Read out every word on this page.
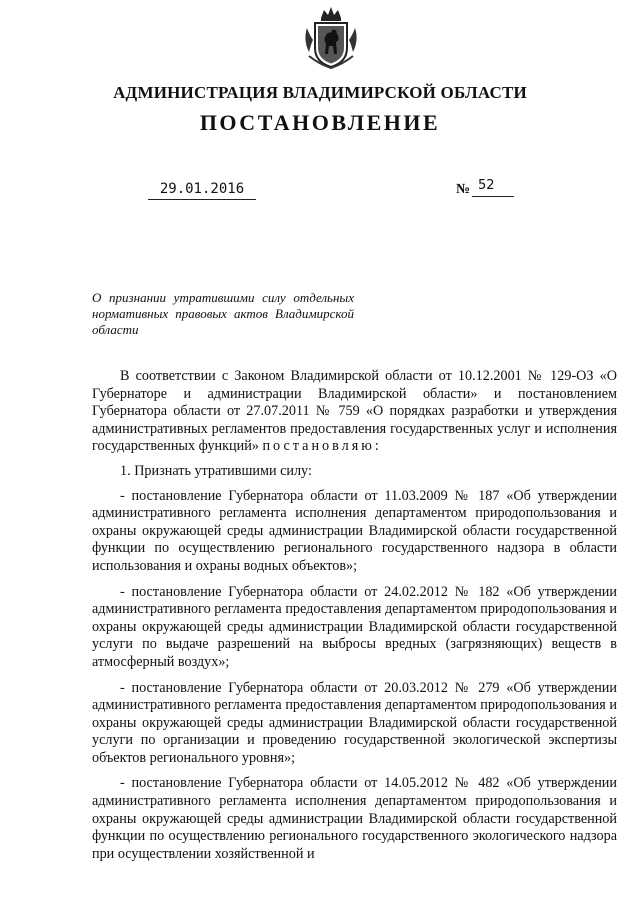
АДМИНИСТРАЦИЯ ВЛАДИМИРСКОЙ ОБЛАСТИ
ПОСТАНОВЛЕНИЕ
29.01.2016	№ 52
О признании утратившими силу отдельных нормативных правовых актов Владимирской области

В соответствии с Законом Владимирской области от 10.12.2001 № 129-ОЗ «О Губернаторе и администрации Владимирской области» и постановлением Губернатора области от 27.07.2011 № 759 «О порядках разработки и утверждения административных регламентов предоставления государственных услуг и исполнения государственных функций» постановляю:

1. Признать утратившими силу:

- постановление Губернатора области от 11.03.2009 № 187 «Об утверждении административного регламента исполнения департаментом природопользования и охраны окружающей среды администрации Владимирской области государственной функции по осуществлению регионального государственного надзора в области использования и охраны водных объектов»;

- постановление Губернатора области от 24.02.2012 № 182 «Об утверждении административного регламента предоставления департаментом природопользования и охраны окружающей среды администрации Владимирской области государственной услуги по выдаче разрешений на выбросы вредных (загрязняющих) веществ в атмосферный воздух»;

- постановление Губернатора области от 20.03.2012 № 279 «Об утверждении административного регламента предоставления департаментом природопользования и охраны окружающей среды администрации Владимирской области государственной услуги по организации и проведению государственной экологической экспертизы объектов регионального уровня»;

- постановление Губернатора области от 14.05.2012 № 482 «Об утверждении административного регламента исполнения департаментом природопользования и охраны окружающей среды администрации Владимирской области государственной функции по осуществлению регионального государственного экологического надзора при осуществлении хозяйственной и
